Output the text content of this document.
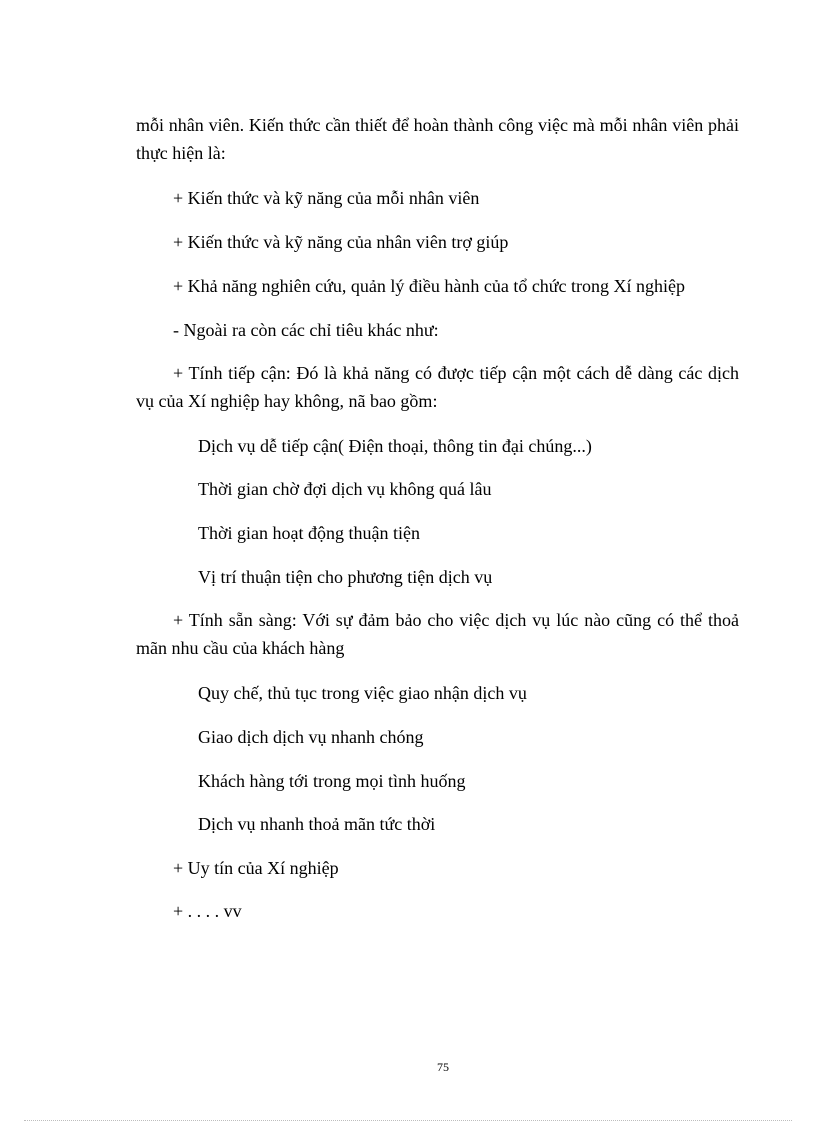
mỗi nhân viên. Kiến thức cần thiết để hoàn thành công việc mà mỗi nhân viên phải thực hiện là:

+ Kiến thức và kỹ năng của mỗi nhân viên

+ Kiến thức và kỹ năng của nhân viên trợ giúp

+ Khả năng nghiên cứu, quản lý điều hành của tổ chức trong Xí nghiệp

- Ngoài ra còn các chỉ tiêu khác như:

+ Tính tiếp cận: Đó là khả năng có được tiếp cận một cách dễ dàng các dịch vụ của Xí nghiệp hay không, nã bao gồm:

Dịch vụ dễ tiếp cận( Điện thoại, thông tin đại chúng...)

Thời gian chờ đợi dịch vụ không quá lâu

Thời gian hoạt động thuận tiện

Vị trí thuận tiện cho phương tiện dịch vụ

+ Tính sẵn sàng: Với sự đảm bảo cho việc dịch vụ lúc nào cũng có thể thoả mãn nhu cầu của khách hàng

Quy chế, thủ tục trong việc giao nhận dịch vụ

Giao dịch dịch vụ nhanh chóng

Khách hàng tới trong mọi tình huống

Dịch vụ nhanh thoả mãn tức thời

+ Uy tín của Xí nghiệp

+ . . . . vv

75
